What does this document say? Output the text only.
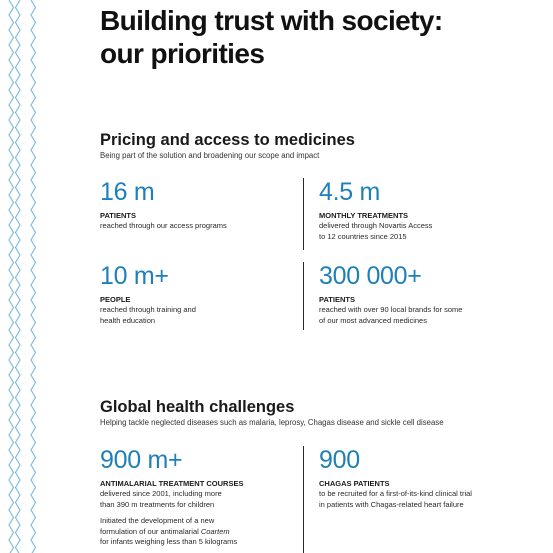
Building trust with society:
our priorities
Pricing and access to medicines

Being part of the solution and broadening our scope and impact

16 m
PATIENTS
reached through our access programs
4.5 m
MONTHLY TREATMENTS
delivered through Novartis Access
to 12 countries since 2015
10 m+
PEOPLE
reached through training and
health education
300 000+
PATIENTS
reached with over 90 local brands for some
of our most advanced medicines
Global health challenges

Helping tackle neglected diseases such as malaria, leprosy, Chagas disease and sickle cell disease

900 m+
ANTIMALARIAL TREATMENT COURSES
delivered since 2001, including more
than 390 m treatments for children
Initiated the development of a new
formulation of our antimalarial Coartem
for infants weighing less than 5 kilograms
900
CHAGAS PATIENTS
to be recruited for a first-of-its-kind clinical trial
in patients with Chagas-related heart failure
